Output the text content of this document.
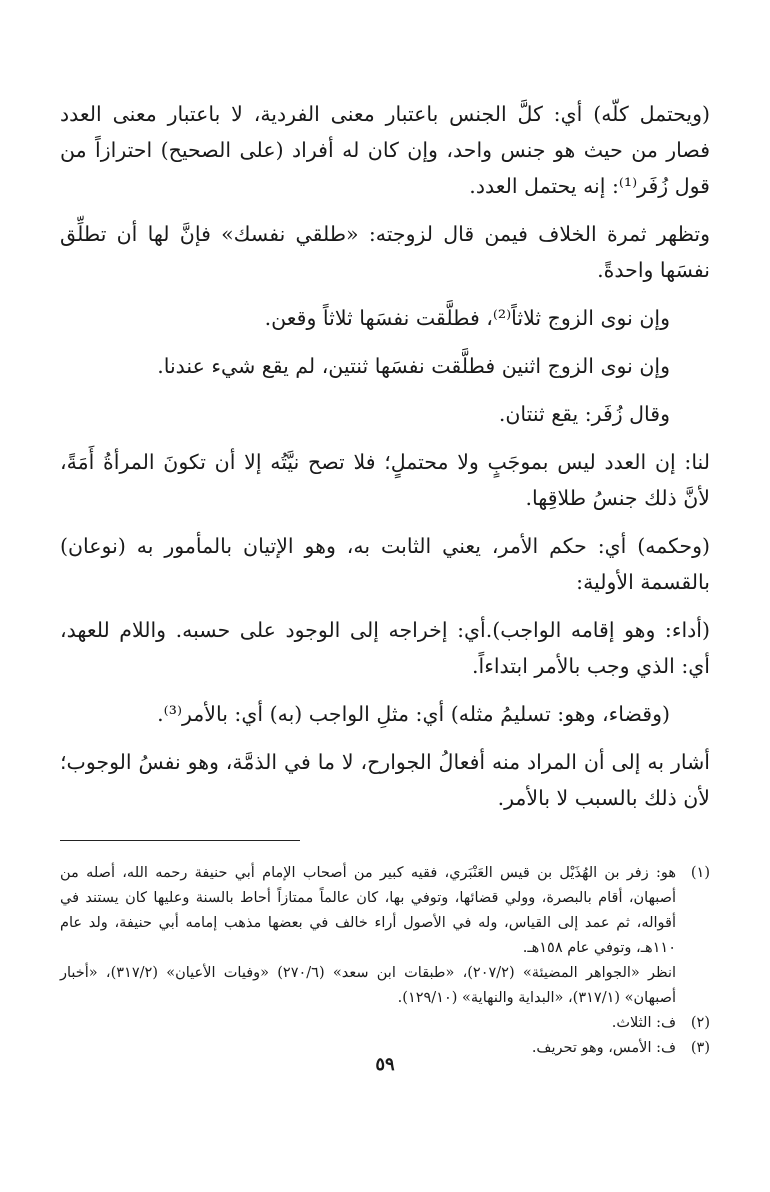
(ويحتمل كلّه) أي: كلَّ الجنس باعتبار معنى الفردية، لا باعتبار معنى العدد فصار من حيث هو جنس واحد، وإن كان له أفراد (على الصحيح) احترازاً من قول زُفَر⁽¹⁾: إنه يحتمل العدد.

وتظهر ثمرة الخلاف فيمن قال لزوجته: «طلقي نفسك» فإنَّ لها أن تطلِّق نفسَها واحدةً.

وإن نوى الزوج ثلاثاً⁽²⁾، فطلَّقت نفسَها ثلاثاً وقعن.

وإن نوى الزوج اثنين فطلَّقت نفسَها ثنتين، لم يقع شيء عندنا.

وقال زُفَر: يقع ثنتان.

لنا: إن العدد ليس بموجَبٍ ولا محتملٍ؛ فلا تصح نيَّتُه إلا أن تكونَ المرأةُ أَمَةً، لأنَّ ذلك جنسُ طلاقِها.

(وحكمه) أي: حكم الأمر، يعني الثابت به، وهو الإتيان بالمأمور به (نوعان) بالقسمة الأولية:

(أداء: وهو إقامه الواجب).أي: إخراجه إلى الوجود على حسبه. واللام للعهد، أي: الذي وجب بالأمر ابتداءاً.

(وقضاء، وهو: تسليمُ مثله) أي: مثلِ الواجب (به) أي: بالأمر⁽³⁾.

أشار به إلى أن المراد منه أفعالُ الجوارح، لا ما في الذمَّة، وهو نفسُ الوجوب؛ لأن ذلك بالسبب لا بالأمر.

(١)
هو: زفر بن الهُذَيْل بن قيس العَنْبَري، فقيه كبير من أصحاب الإمام أبي حنيفة رحمه الله، أصله من أصبهان، أقام بالبصرة، وولي قضائها، وتوفي بها، كان عالماً ممتازاً أحاط بالسنة وعليها كان يستند في أقواله، ثم عمد إلى القياس، وله في الأصول أراء خالف في بعضها مذهب إمامه أبي حنيفة، ولد عام ١١٠هـ، وتوفي عام ١٥٨هـ.
انظر «الجواهر المضيئة» (٢٠٧/٢)، «طبقات ابن سعد» (٢٧٠/٦) «وفيات الأعيان» (٣١٧/٢)، «أخبار أصبهان» (٣١٧/١)، «البداية والنهاية» (١٢٩/١٠).
(٢)
ف: الثلاث.
(٣)
ف: الأمس، وهو تحريف.
٥٩
